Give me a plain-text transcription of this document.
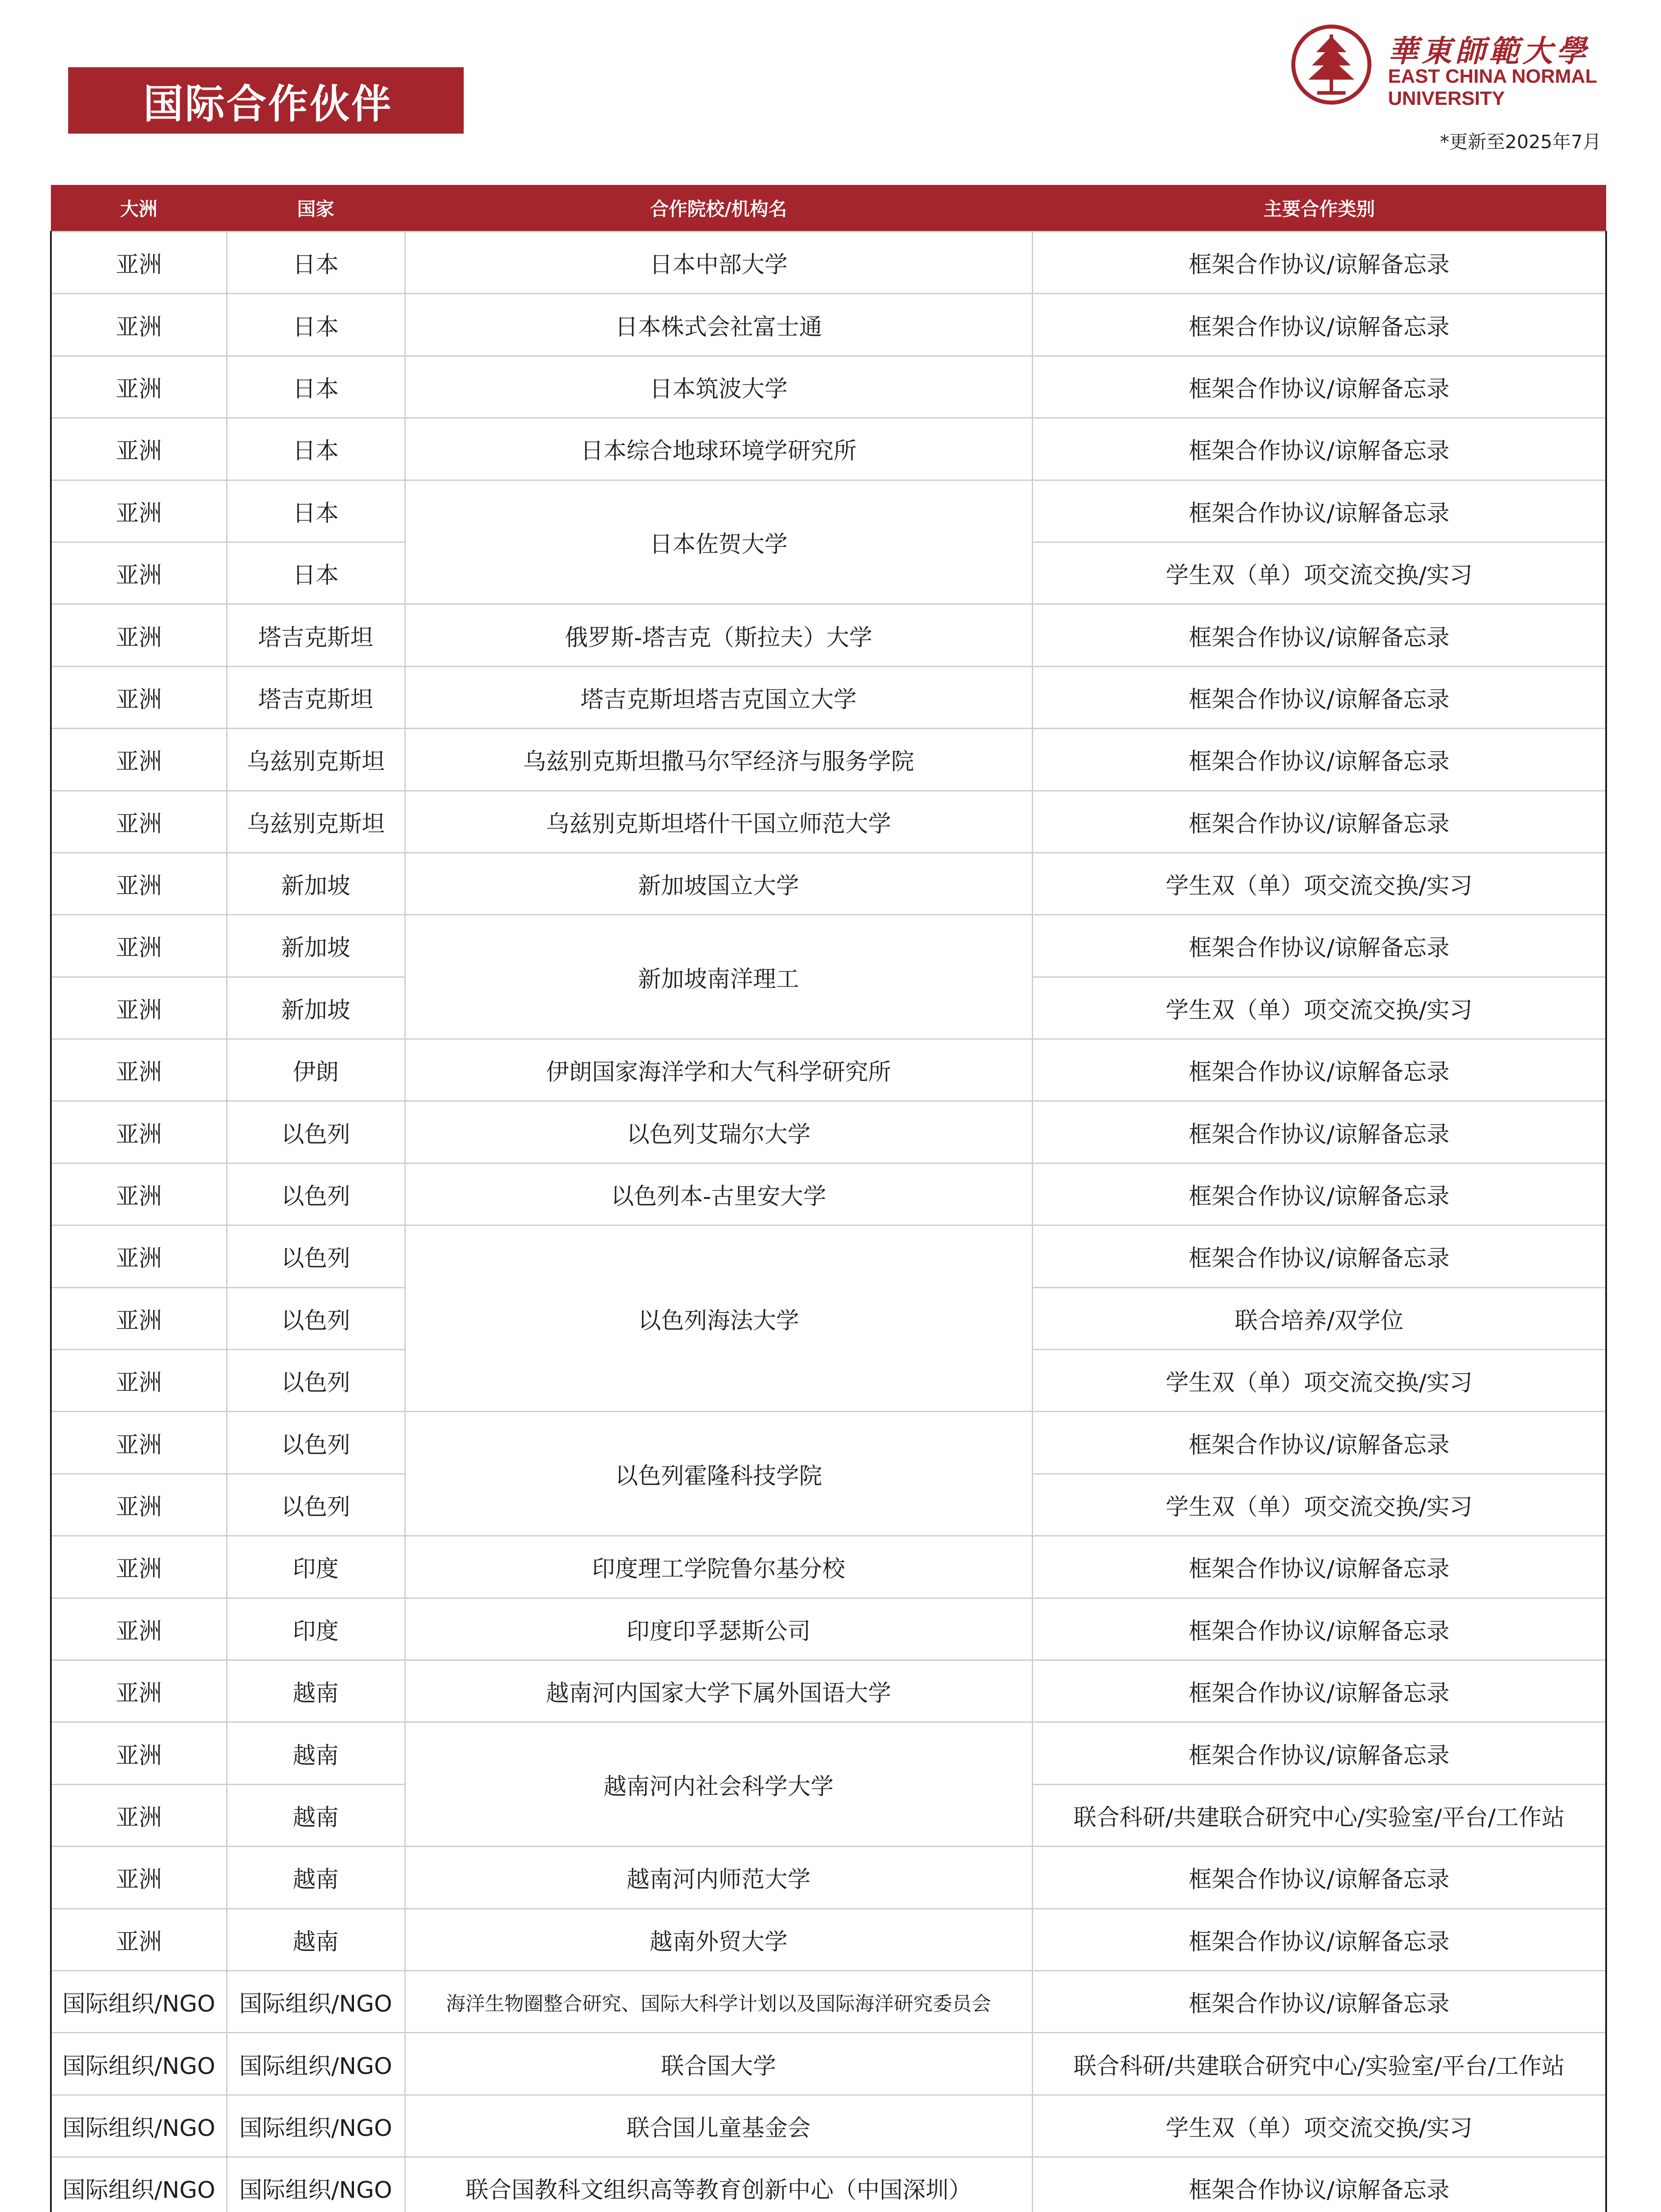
国际合作伙伴
華東師範大學
EAST CHINA NORMAL
UNIVERSITY
*更新至2025年7月
大洲	国家	合作院校/机构名	主要合作类别
亚洲	日本	日本中部大学	框架合作协议/谅解备忘录
亚洲	日本	日本株式会社富士通	框架合作协议/谅解备忘录
亚洲	日本	日本筑波大学	框架合作协议/谅解备忘录
亚洲	日本	日本综合地球环境学研究所	框架合作协议/谅解备忘录
亚洲	日本	日本佐贺大学	框架合作协议/谅解备忘录
亚洲	日本		学生双（单）项交流交换/实习
亚洲	塔吉克斯坦	俄罗斯-塔吉克（斯拉夫）大学	框架合作协议/谅解备忘录
亚洲	塔吉克斯坦	塔吉克斯坦塔吉克国立大学	框架合作协议/谅解备忘录
亚洲	乌兹别克斯坦	乌兹别克斯坦撒马尔罕经济与服务学院	框架合作协议/谅解备忘录
亚洲	乌兹别克斯坦	乌兹别克斯坦塔什干国立师范大学	框架合作协议/谅解备忘录
亚洲	新加坡	新加坡国立大学	学生双（单）项交流交换/实习
亚洲	新加坡	新加坡南洋理工	框架合作协议/谅解备忘录
亚洲	新加坡		学生双（单）项交流交换/实习
亚洲	伊朗	伊朗国家海洋学和大气科学研究所	框架合作协议/谅解备忘录
亚洲	以色列	以色列艾瑞尔大学	框架合作协议/谅解备忘录
亚洲	以色列	以色列本-古里安大学	框架合作协议/谅解备忘录
亚洲	以色列	以色列海法大学	框架合作协议/谅解备忘录
亚洲	以色列		联合培养/双学位
亚洲	以色列		学生双（单）项交流交换/实习
亚洲	以色列	以色列霍隆科技学院	框架合作协议/谅解备忘录
亚洲	以色列		学生双（单）项交流交换/实习
亚洲	印度	印度理工学院鲁尔基分校	框架合作协议/谅解备忘录
亚洲	印度	印度印孚瑟斯公司	框架合作协议/谅解备忘录
亚洲	越南	越南河内国家大学下属外国语大学	框架合作协议/谅解备忘录
亚洲	越南	越南河内社会科学大学	框架合作协议/谅解备忘录
亚洲	越南		联合科研/共建联合研究中心/实验室/平台/工作站
亚洲	越南	越南河内师范大学	框架合作协议/谅解备忘录
亚洲	越南	越南外贸大学	框架合作协议/谅解备忘录
国际组织/NGO	国际组织/NGO	海洋生物圈整合研究、国际大科学计划以及国际海洋研究委员会	框架合作协议/谅解备忘录
国际组织/NGO	国际组织/NGO	联合国大学	联合科研/共建联合研究中心/实验室/平台/工作站
国际组织/NGO	国际组织/NGO	联合国儿童基金会	学生双（单）项交流交换/实习
国际组织/NGO	国际组织/NGO	联合国教科文组织高等教育创新中心（中国深圳）	框架合作协议/谅解备忘录
